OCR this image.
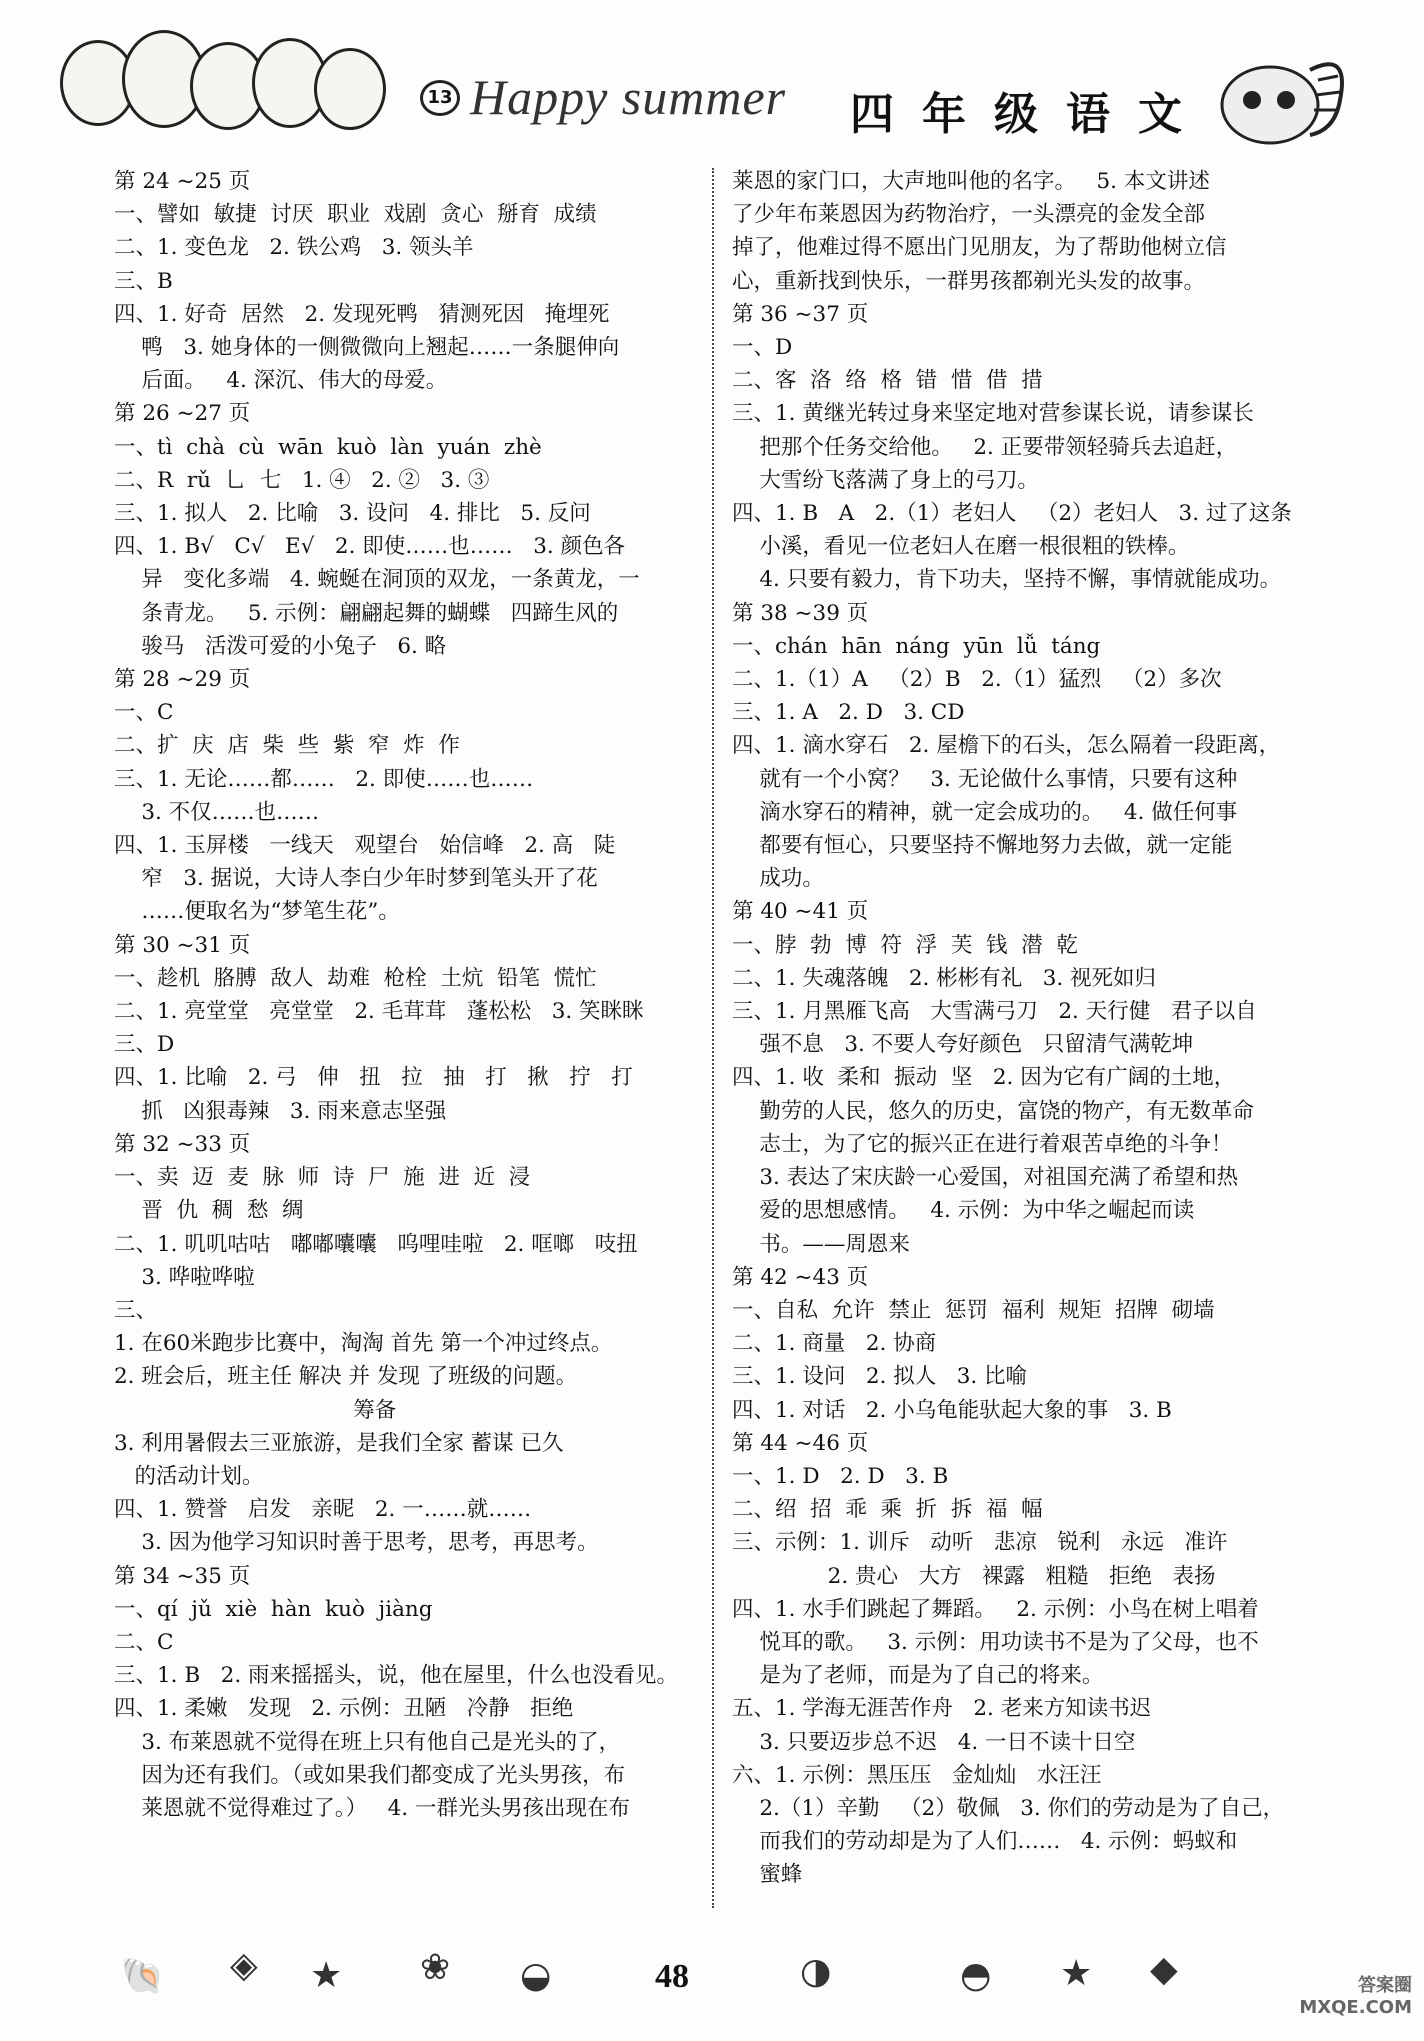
13 Happy summer 四年级语文
第 24 ~25 页
一、譬如  敏捷  讨厌  职业  戏剧  贪心  掰育  成绩
二、1. 变色龙   2. 铁公鸡   3. 领头羊
三、B
四、1. 好奇  居然   2. 发现死鸭   猜测死因   掩埋死
鸭   3. 她身体的一侧微微向上翘起……一条腿伸向
后面。   4. 深沉、伟大的母爱。
第 26 ~27 页
一、tì  chà  cù  wān  kuò  làn  yuán  zhè
二、R  rǔ  乚  七   1. ④   2. ②   3. ③
三、1. 拟人   2. 比喻   3. 设问   4. 排比   5. 反问
四、1. B√   C√   E√   2. 即使……也……   3. 颜色各
异   变化多端   4. 蜿蜒在洞顶的双龙，一条黄龙，一
条青龙。   5. 示例：翩翩起舞的蝴蝶   四蹄生风的
骏马   活泼可爱的小兔子   6. 略
第 28 ~29 页
一、C
二、扩  庆  店  柴  些  紫  窄  炸  作
三、1. 无论……都……   2. 即使……也……
3. 不仅……也……
四、1. 玉屏楼   一线天   观望台   始信峰   2. 高   陡
窄   3. 据说，大诗人李白少年时梦到笔头开了花
……便取名为“梦笔生花”。
第 30 ~31 页
一、趁机  胳膊  敌人  劫难  枪栓  土炕  铅笔  慌忙
二、1. 亮堂堂   亮堂堂   2. 毛茸茸   蓬松松   3. 笑眯眯
三、D
四、1. 比喻   2. 弓   伸   扭   拉   抽   打   揪   拧   打
抓   凶狠毒辣   3. 雨来意志坚强
第 32 ~33 页
一、卖  迈  麦  脉  师  诗  尸  施  进  近  浸
晋  仇  稠  愁  绸
二、1. 叽叽咕咕   嘟嘟囔囔   呜哩哇啦   2. 哐啷   吱扭
3. 哗啦哗啦
三、
1. 在60米跑步比赛中，淘淘 首先 第一个冲过终点。
2. 班会后，班主任 解决 并 发现 了班级的问题。
筹备
3. 利用暑假去三亚旅游，是我们全家 蓄谋 已久
的活动计划。
四、1. 赞誉   启发   亲昵   2. 一……就……
3. 因为他学习知识时善于思考，思考，再思考。
第 34 ~35 页
一、qí  jǔ  xiè  hàn  kuò  jiàng
二、C
三、1. B   2. 雨来摇摇头，说，他在屋里，什么也没看见。
四、1. 柔嫩   发现   2. 示例：丑陋   冷静   拒绝
3. 布莱恩就不觉得在班上只有他自己是光头的了，
因为还有我们。（或如果我们都变成了光头男孩，布
莱恩就不觉得难过了。）   4. 一群光头男孩出现在布
莱恩的家门口，大声地叫他的名字。   5. 本文讲述
了少年布莱恩因为药物治疗，一头漂亮的金发全部
掉了，他难过得不愿出门见朋友，为了帮助他树立信
心，重新找到快乐，一群男孩都剃光头发的故事。
第 36 ~37 页
一、D
二、客  洛  络  格  错  惜  借  措
三、1. 黄继光转过身来坚定地对营参谋长说，请参谋长
把那个任务交给他。   2. 正要带领轻骑兵去追赶，
大雪纷飞落满了身上的弓刀。
四、1. B   A   2.（1）老妇人   （2）老妇人   3. 过了这条
小溪，看见一位老妇人在磨一根很粗的铁棒。
4. 只要有毅力，肯下功夫，坚持不懈，事情就能成功。
第 38 ~39 页
一、chán  hān  náng  yūn  lǚ  táng
二、1.（1）A   （2）B   2.（1）猛烈   （2）多次
三、1. A   2. D   3. CD
四、1. 滴水穿石   2. 屋檐下的石头，怎么隔着一段距离，
就有一个小窝？   3. 无论做什么事情，只要有这种
滴水穿石的精神，就一定会成功的。   4. 做任何事
都要有恒心，只要坚持不懈地努力去做，就一定能
成功。
第 40 ~41 页
一、脖  勃  博  符  浮  芙  钱  潜  乾
二、1. 失魂落魄   2. 彬彬有礼   3. 视死如归
三、1. 月黑雁飞高   大雪满弓刀   2. 天行健   君子以自
强不息   3. 不要人夸好颜色   只留清气满乾坤
四、1. 收  柔和  振动  坚   2. 因为它有广阔的土地，
勤劳的人民，悠久的历史，富饶的物产，有无数革命
志士，为了它的振兴正在进行着艰苦卓绝的斗争！
3. 表达了宋庆龄一心爱国，对祖国充满了希望和热
爱的思想感情。   4. 示例：为中华之崛起而读
书。——周恩来
第 42 ~43 页
一、自私  允许  禁止  惩罚  福利  规矩  招牌  砌墙
二、1. 商量   2. 协商
三、1. 设问   2. 拟人   3. 比喻
四、1. 对话   2. 小乌龟能驮起大象的事   3. B
第 44 ~46 页
一、1. D   2. D   3. B
二、绍  招  乖  乘  折  拆  福  幅
三、示例：1. 训斥   动听   悲凉   锐利   永远   准许
2. 贵心   大方   裸露   粗糙   拒绝   表扬
四、1. 水手们跳起了舞蹈。   2. 示例：小鸟在树上唱着
悦耳的歌。   3. 示例：用功读书不是为了父母，也不
是为了老师，而是为了自己的将来。
五、1. 学海无涯苦作舟   2. 老来方知读书迟
3. 只要迈步总不迟   4. 一日不读十日空
六、1. 示例：黑压压   金灿灿   水汪汪
2.（1）辛勤   （2）敬佩   3. 你们的劳动是为了自己，
而我们的劳动却是为了人们……   4. 示例：蚂蚁和
蜜蜂
🐚 ◈ ★ ❀ ◒	◑	◓ ★ ◆
48	答案圈
MXQE.COM
